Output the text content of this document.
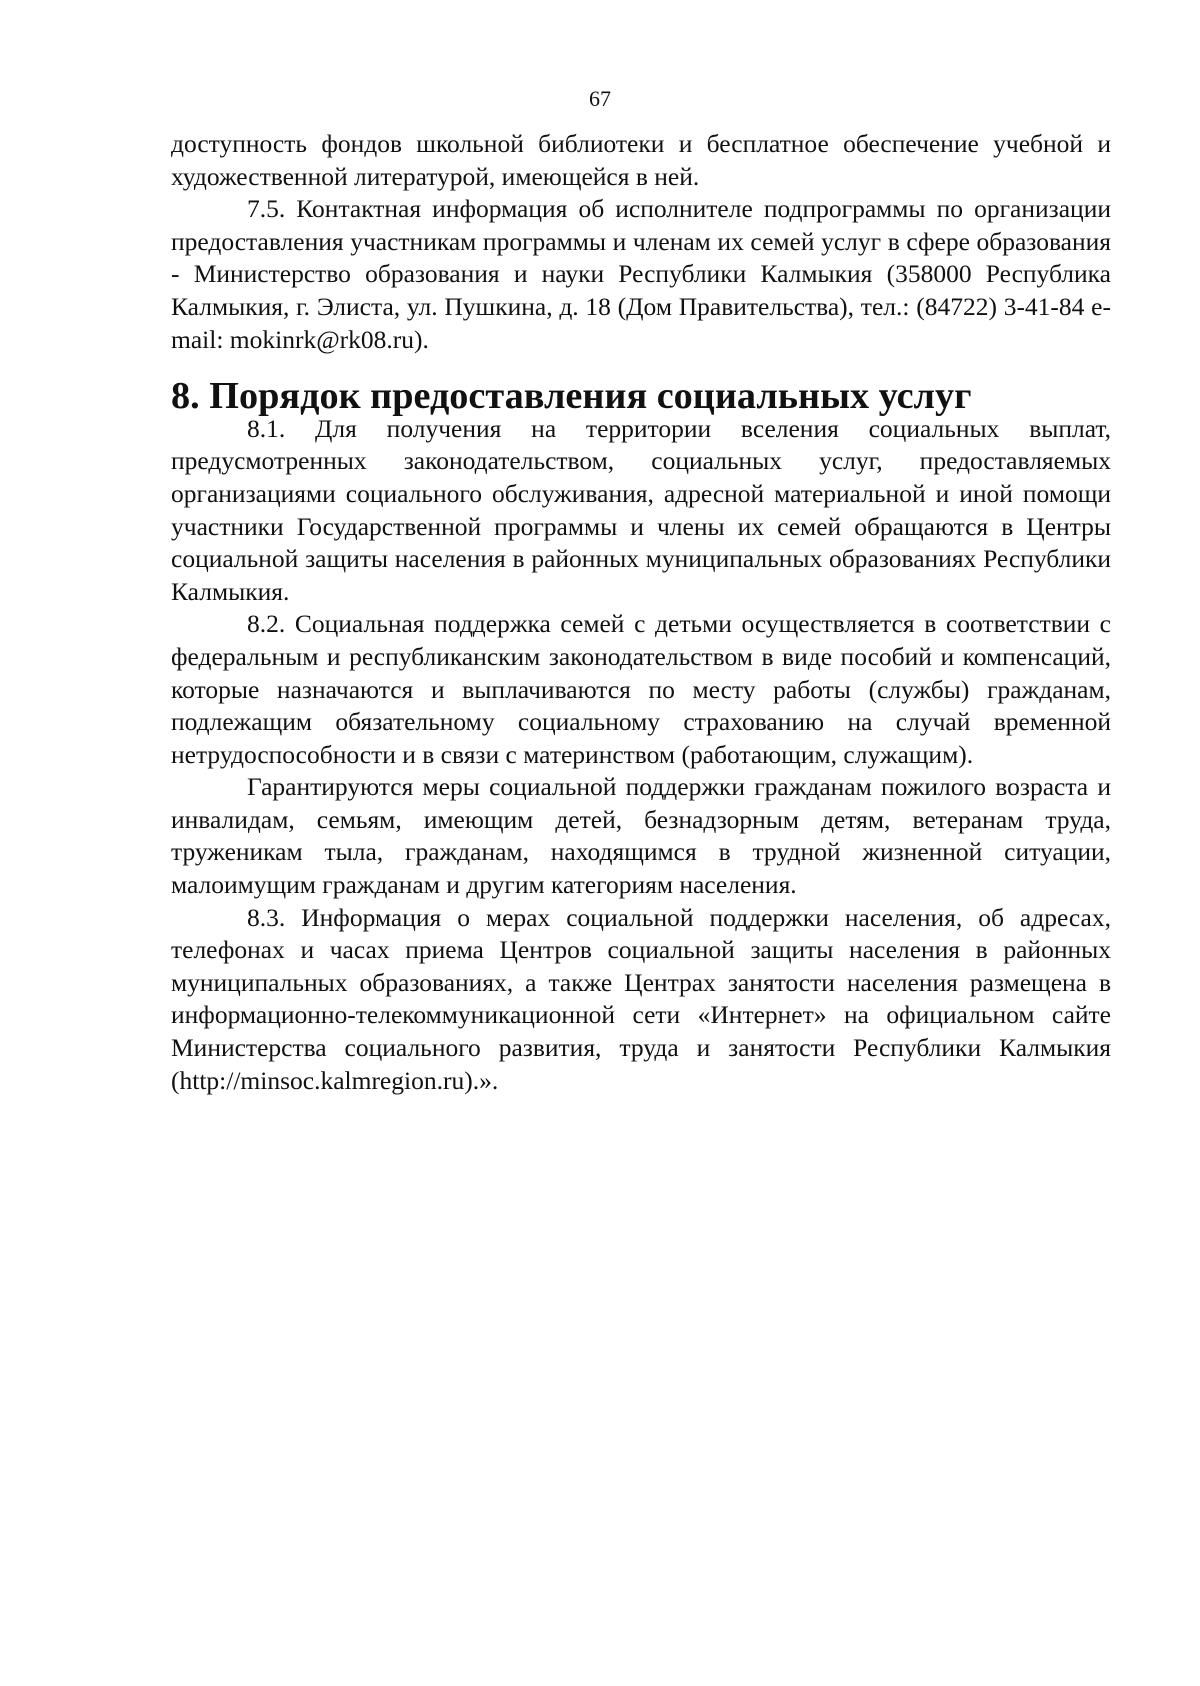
67

доступность фондов школьной библиотеки и бесплатное обеспечение учебной и художественной литературой, имеющейся в ней.

7.5. Контактная информация об исполнителе подпрограммы по организации предоставления участникам программы и членам их семей услуг в сфере образования - Министерство образования и науки Республики Калмыкия (358000 Республика Калмыкия, г. Элиста, ул. Пушкина, д. 18 (Дом Правительства), тел.: (84722) 3-41-84 e-mail: mokinrk@rk08.ru).

8. Порядок предоставления социальных услуг

8.1. Для получения на территории вселения социальных выплат, предусмотренных законодательством, социальных услуг, предоставляемых организациями социального обслуживания, адресной материальной и иной помощи участники Государственной программы и члены их семей обращаются в Центры социальной защиты населения в районных муниципальных образованиях Республики Калмыкия.

8.2. Социальная поддержка семей с детьми осуществляется в соответствии с федеральным и республиканским законодательством в виде пособий и компенсаций, которые назначаются и выплачиваются по месту работы (службы) гражданам, подлежащим обязательному социальному страхованию на случай временной нетрудоспособности и в связи с материнством (работающим, служащим).

Гарантируются меры социальной поддержки гражданам пожилого возраста и инвалидам, семьям, имеющим детей, безнадзорным детям, ветеранам труда, труженикам тыла, гражданам, находящимся в трудной жизненной ситуации, малоимущим гражданам и другим категориям населения.

8.3. Информация о мерах социальной поддержки населения, об адресах, телефонах и часах приема Центров социальной защиты населения в районных муниципальных образованиях, а также Центрах занятости населения размещена в информационно-телекоммуникационной сети «Интернет» на официальном сайте Министерства социального развития, труда и занятости Республики Калмыкия (http://minsoc.kalmregion.ru).».
